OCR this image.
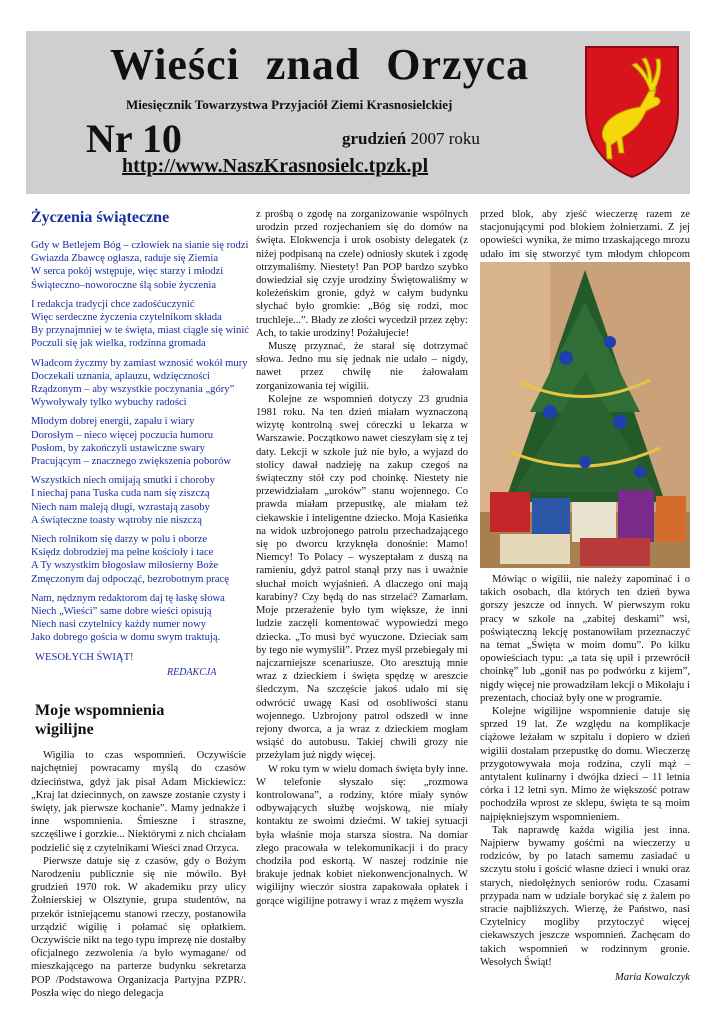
Wieści znad Orzyca
Miesięcznik Towarzystwa Przyjaciół Ziemi Krasnosielckiej
Nr 10	grudzień 2007 roku
http://www.NaszKrasnosielc.tpzk.pl
Życzenia świąteczne

Gdy w Betlejem Bóg – człowiek na sianie się rodzi
Gwiazda Zbawcę ogłasza, raduje się Ziemia
W serca pokój wstępuje, więc starzy i młodzi
Świąteczno–noworoczne ślą sobie życzenia

I redakcja tradycji chce zadośćuczynić
Więc serdeczne życzenia czytelnikom składa
By przynajmniej w te święta, miast ciągle się winić
Poczuli się jak wielka, rodzinna gromada

Władcom życzmy by zamiast wznosić wokół mury
Doczekali uznania, aplauzu, wdzięczności
Rządzonym – aby wszystkie poczynania „góry”
Wywoływały tylko wybuchy radości

Młodym dobrej energii, zapału i wiary
Dorosłym – nieco więcej poczucia humoru
Posłom, by zakończyli ustawiczne swary
Pracującym – znacznego zwiększenia poborów

Wszystkich niech omijają smutki i choroby
I niechaj pana Tuska cuda nam się ziszczą
Niech nam maleją długi, wzrastają zasoby
A świąteczne toasty wątroby nie niszczą

Niech rolnikom się darzy w polu i oborze
Księdz dobrodziej ma pełne kościoły i tace
A Ty wszystkim błogosław miłosierny Boże
Zmęczonym daj odpocząć, bezrobotnym pracę

Nam, nędznym redaktorom daj tę łaskę słowa
Niech „Wieści” same dobre wieści opisują
Niech nasi czytelnicy każdy numer nowy
Jako dobrego gościa w domu swym traktują.

WESOŁYCH ŚWIĄT!
REDAKCJA
Moje wspomnienia wigilijne

Wigilia to czas wspomnień. Oczywiście najchętniej powracamy myślą do czasów dzieciństwa, gdyż jak pisał Adam Mickiewicz: „Kraj lat dziecinnych, on zawsze zostanie czysty i święty, jak pierwsze kochanie”. Mamy jednakże i inne wspomnienia. Śmieszne i straszne, szczęśliwe i gorzkie... Niektórymi z nich chciałam podzielić się z czytelnikami Wieści znad Orzyca.

Pierwsze datuje się z czasów, gdy o Bożym Narodzeniu publicznie się nie mówiło. Był grudzień 1970 rok. W akademiku przy ulicy Żołnierskiej w Olsztynie, grupa studentów, na przekór istniejącemu stanowi rzeczy, postanowiła urządzić wigilię i połamać się opłatkiem. Oczywiście nikt na tego typu imprezę nie dostałby oficjalnego zezwolenia /a było wymagane/ od mieszkającego na parterze budynku sekretarza POP /Podstawowa Organizacja Partyjna PZPR/. Poszła więc do niego delegacja

z prośbą o zgodę na zorganizowanie wspólnych urodzin przed rozjechaniem się do domów na święta. Elokwencja i urok osobisty delegatek (z niżej podpisaną na czele) odniosły skutek i zgodę otrzymaliśmy. Niestety! Pan POP bardzo szybko dowiedział się czyje urodziny Świętowaliśmy w koleżeńskim gronie, gdyż w całym budynku słychać było gromkie: „Bóg się rodzi, moc truchleje...”. Błady ze złości wycedził przez zęby: Ach, to takie urodziny! Pożałujecie!

Muszę przyznać, że starał się dotrzymać słowa. Jedno mu się jednak nie udało – nigdy, nawet przez chwilę nie żałowałam zorganizowania tej wigilii.

Kolejne ze wspomnień dotyczy 23 grudnia 1981 roku. Na ten dzień miałam wyznaczoną wizytę kontrolną swej córeczki u lekarza w Warszawie. Początkowo nawet cieszyłam się z tej daty. Lekcji w szkole już nie było, a wyjazd do stolicy dawał nadzieję na zakup czegoś na świąteczny stół czy pod choinkę. Niestety nie przewidziałam „uroków” stanu wojennego. Co prawda miałam przepustkę, ale miałam też ciekawskie i inteligentne dziecko. Moja Kasieńka na widok uzbrojonego patrolu przechadzającego się po dworcu krzyknęła donośnie: Mamo! Niemcy! To Polacy – wyszeptałam z duszą na ramieniu, gdyż patrol stanął przy nas i uważnie słuchał moich wyjaśnień. A dlaczego oni mają karabiny? Czy będą do nas strzelać? Zamarłam. Moje przerażenie było tym większe, że inni ludzie zaczęli komentować wypowiedzi mego dziecka. „To musi być wyuczone. Dzieciak sam by tego nie wymyślił”. Przez myśl przebiegały mi najczarniejsze scenariusze. Oto aresztują mnie wraz z dzieckiem i święta spędzę w areszcie śledczym. Na szczęście jakoś udało mi się odwrócić uwagę Kasi od osobliwości stanu wojennego. Uzbrojony patrol odszedł w inne rejony dworca, a ja wraz z dzieckiem mogłam wsiąść do autobusu. Takiej chwili grozy nie przeżyłam już nigdy więcej.

W roku tym w wielu domach święta były inne. W telefonie słyszało się: „rozmowa kontrolowana”, a rodziny, które miały synów odbywających służbę wojskową, nie miały kontaktu ze swoimi dziećmi. W takiej sytuacji była właśnie moja starsza siostra. Na domiar złego pracowała w telekomunikacji i do pracy chodziła pod eskortą. W naszej rodzinie nie brakuje jednak kobiet niekonwencjonalnych. W wigilijny wieczór siostra zapakowała opłatek i gorące wigilijne potrawy i wraz z mężem wyszła

przed blok, aby zjeść wieczerzę razem ze stacjonującymi pod blokiem żołnierzami. Z jej opowieści wynika, że mimo trzaskającego mrozu udało im się stworzyć tym młodym chłopcom

Mówiąc o wigilii, nie należy zapominać i o takich osobach, dla których ten dzień bywa gorszy jeszcze od innych. W pierwszym roku pracy w szkole na „zabitej deskami” wsi, poświąteczną lekcję postanowiłam przeznaczyć na temat „Święta w moim domu”. Po kilku opowieściach typu: „a tata się upił i przewrócił choinkę” lub „gonił nas po podwórku z kijem”, nigdy więcej nie prowadziłam lekcji o Mikołaju i prezentach, chociaż były one w programie.

Kolejne wigilijne wspomnienie datuje się sprzed 19 lat. Ze względu na komplikacje ciążowe leżałam w szpitalu i dopiero w dzień wigilii dostałam przepustkę do domu. Wieczerzę przygotowywała moja rodzina, czyli mąż – antytalent kulinarny i dwójka dzieci – 11 letnia córka i 12 letni syn. Mimo że większość potraw pochodziła wprost ze sklepu, święta te są moim najpiękniejszym wspomnieniem.

Tak naprawdę każda wigilia jest inna. Najpierw bywamy gośćmi na wieczerzy u rodziców, by po latach samemu zasiadać u szczytu stołu i gościć własne dzieci i wnuki oraz starych, niedołężnych seniorów rodu. Czasami przypada nam w udziale borykać się z żalem po stracie najbliższych. Wierzę, że Państwo, nasi Czytelnicy mogliby przytoczyć więcej ciekawszych jeszcze wspomnień. Zachęcam do takich wspomnień w rodzinnym gronie. Wesołych Świąt!

Maria Kowalczyk
